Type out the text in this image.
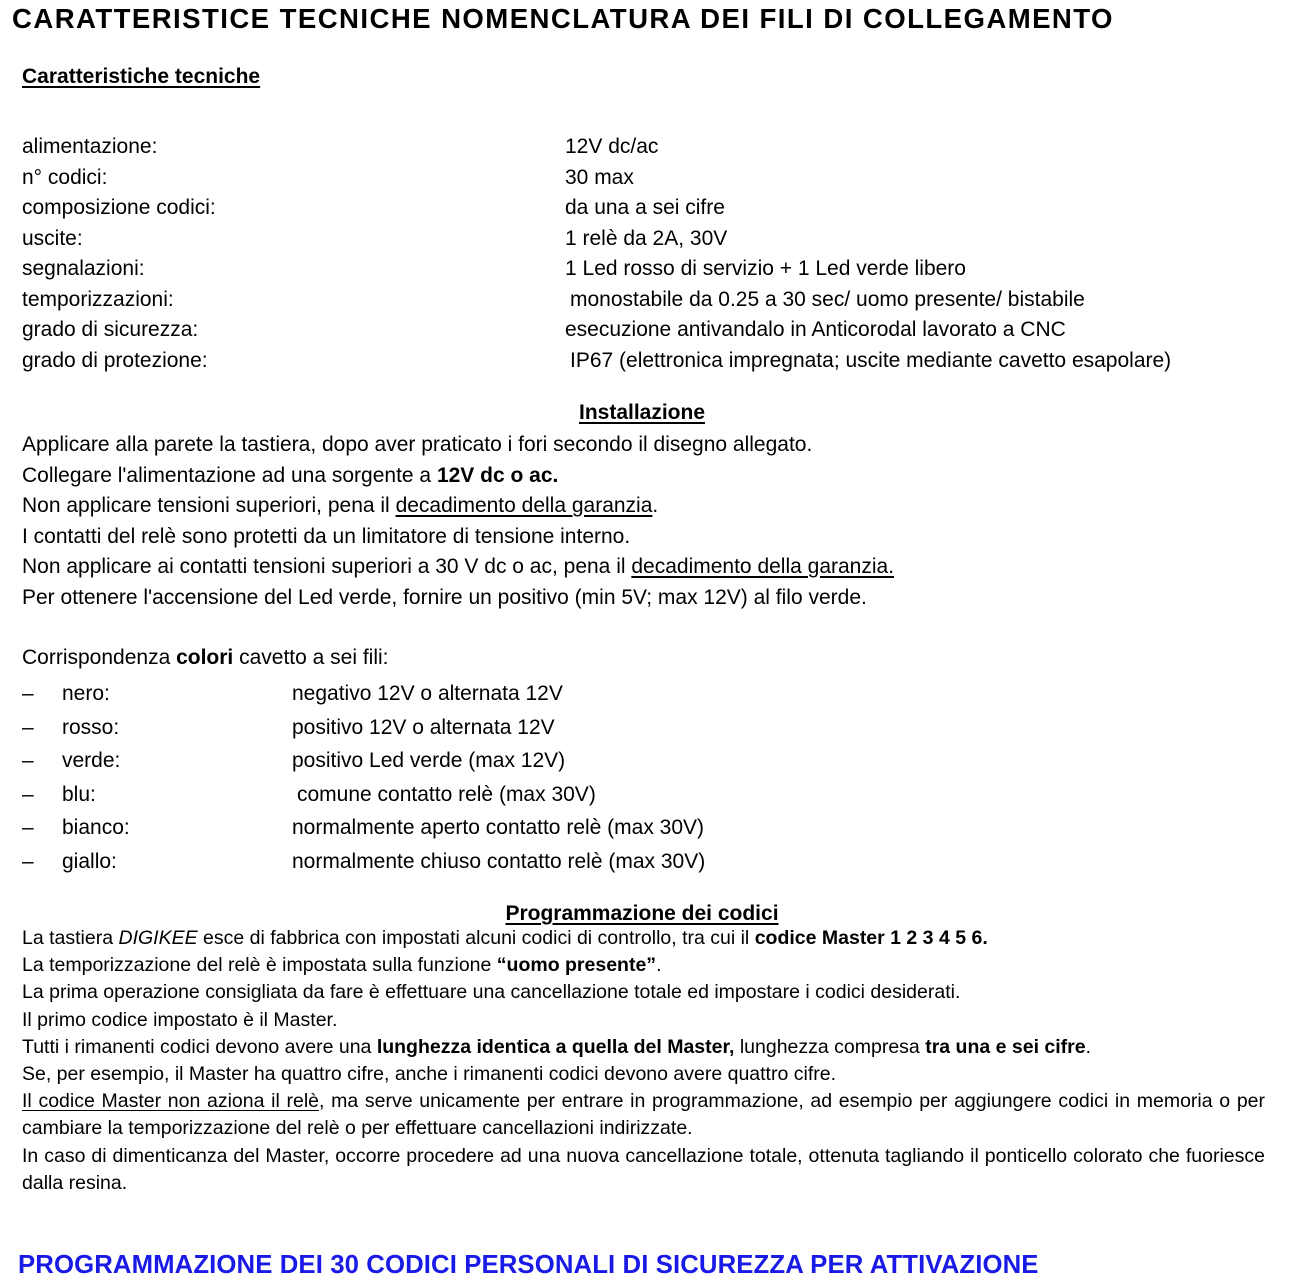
CARATTERISTICE TECNICHE NOMENCLATURA DEI FILI DI COLLEGAMENTO
Caratteristiche tecniche
alimentazione:	12V dc/ac
n° codici:	30 max
composizione codici:	da una a sei cifre
uscite:	1 relè da 2A, 30V
segnalazioni:	1 Led rosso di servizio + 1 Led verde libero
temporizzazioni:	monostabile da 0.25 a 30 sec/ uomo presente/ bistabile
grado di sicurezza:	esecuzione antivandalo in Anticorodal lavorato a CNC
grado di protezione:	IP67 (elettronica impregnata; uscite mediante cavetto esapolare)
Installazione
Applicare alla parete la tastiera, dopo aver praticato i fori secondo il disegno allegato.
Collegare l'alimentazione ad una sorgente a 12V dc o ac.
Non applicare tensioni superiori, pena il decadimento della garanzia.
I contatti del relè sono protetti da un limitatore di tensione interno.
Non applicare ai contatti tensioni superiori a 30 V dc o ac, pena il decadimento della garanzia.
Per ottenere l'accensione del Led verde, fornire un positivo (min 5V; max 12V) al filo verde.
Corrispondenza colori cavetto a sei fili:
– nero:	negativo 12V o alternata 12V
– rosso:	positivo 12V o alternata 12V
– verde:	positivo Led verde (max 12V)
– blu:	comune contatto relè (max 30V)
– bianco:	normalmente aperto contatto relè (max 30V)
– giallo:	normalmente chiuso contatto relè (max 30V)
Programmazione dei codici
La tastiera DIGIKEE esce di fabbrica con impostati alcuni codici di controllo, tra cui il codice Master 1 2 3 4 5 6.
La temporizzazione del relè è impostata sulla funzione “uomo presente”.
La prima operazione consigliata da fare è effettuare una cancellazione totale ed impostare i codici desiderati.
Il primo codice impostato è il Master.
Tutti i rimanenti codici devono avere una lunghezza identica a quella del Master, lunghezza compresa tra una e sei cifre.
Se, per esempio, il Master ha quattro cifre, anche i rimanenti codici devono avere quattro cifre.
Il codice Master non aziona il relè, ma serve unicamente per entrare in programmazione, ad esempio per aggiungere codici in memoria o per cambiare la temporizzazione del relè o per effettuare cancellazioni indirizzate.
In caso di dimenticanza del Master, occorre procedere ad una nuova cancellazione totale, ottenuta tagliando il ponticello colorato che fuoriesce dalla resina.
PROGRAMMAZIONE DEI 30 CODICI PERSONALI DI SICUREZZA PER ATTIVAZIONE
